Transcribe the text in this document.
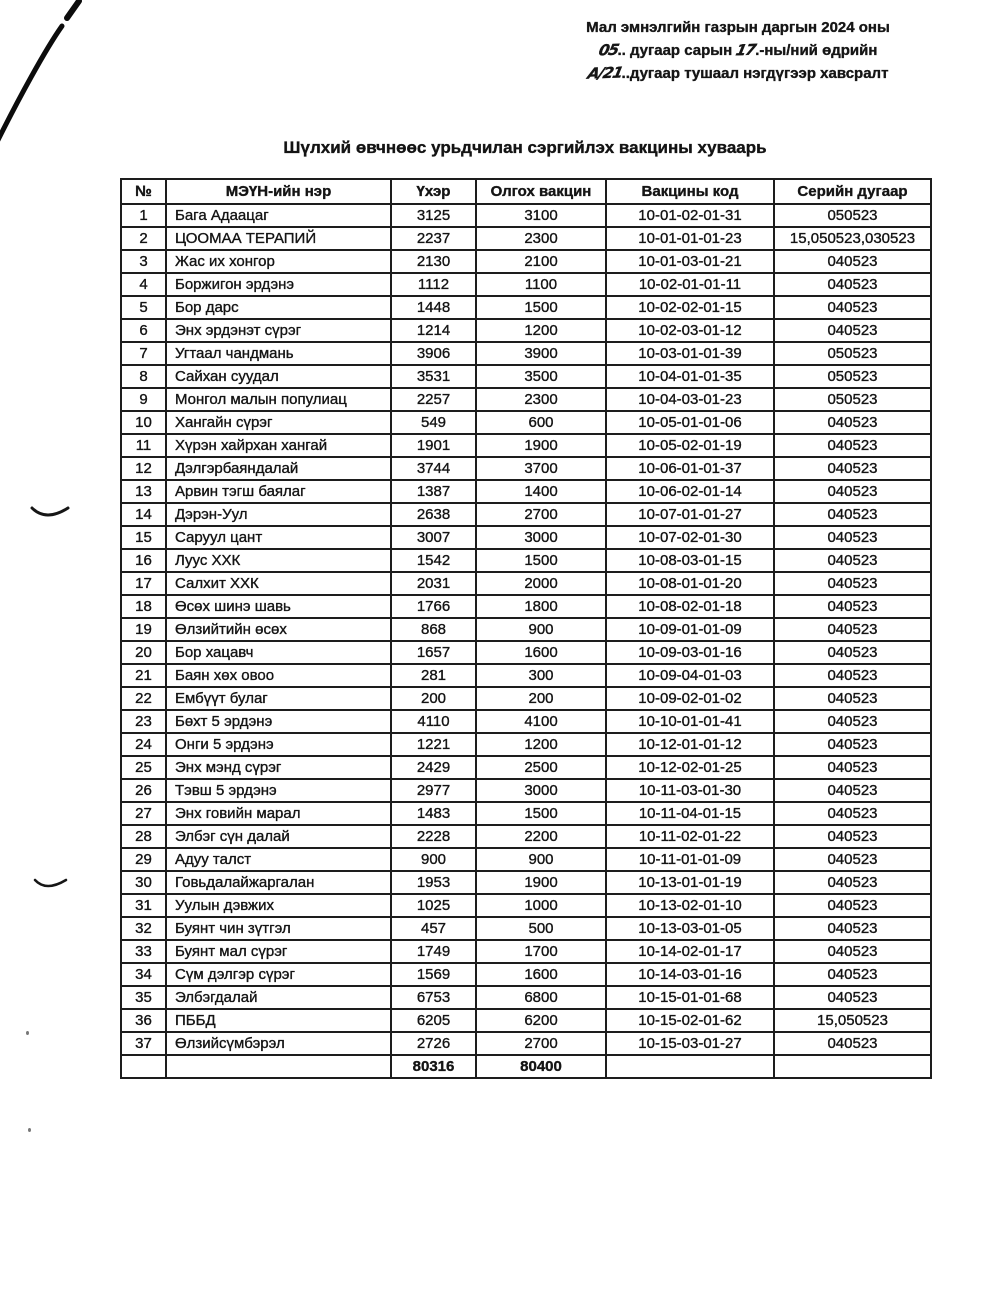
Мал эмнэлгийн газрын даргын 2024 оны
05.. дугаар сарын 17.-ны/ний өдрийн
А/21..дугаар тушаал нэгдүгээр хавсралт
Шүлхий өвчнөөс урьдчилан сэргийлэх вакцины хуваарь
№	МЭҮН-ийн нэр	Үхэр	Олгох вакцин	Вакцины код	Серийн дугаар
1	Бага Адаацаг	3125	3100	10-01-02-01-31	050523
2	ЦООМАА ТЕРАПИЙ	2237	2300	10-01-01-01-23	15,050523,030523
3	Жас их хонгор	2130	2100	10-01-03-01-21	040523
4	Боржигон эрдэнэ	1112	1100	10-02-01-01-11	040523
5	Бор дарс	1448	1500	10-02-02-01-15	040523
6	Энх эрдэнэт сүрэг	1214	1200	10-02-03-01-12	040523
7	Угтаал чандмань	3906	3900	10-03-01-01-39	050523
8	Сайхан суудал	3531	3500	10-04-01-01-35	050523
9	Монгол малын популиац	2257	2300	10-04-03-01-23	050523
10	Хангайн сүрэг	549	600	10-05-01-01-06	040523
11	Хүрэн хайрхан хангай	1901	1900	10-05-02-01-19	040523
12	Дэлгэрбаяндалай	3744	3700	10-06-01-01-37	040523
13	Арвин тэгш баялаг	1387	1400	10-06-02-01-14	040523
14	Дэрэн-Уул	2638	2700	10-07-01-01-27	040523
15	Саруул цант	3007	3000	10-07-02-01-30	040523
16	Луус ХХК	1542	1500	10-08-03-01-15	040523
17	Салхит ХХК	2031	2000	10-08-01-01-20	040523
18	Өсөх шинэ шавь	1766	1800	10-08-02-01-18	040523
19	Өлзийтийн өсөх	868	900	10-09-01-01-09	040523
20	Бор хацавч	1657	1600	10-09-03-01-16	040523
21	Баян хөх овоо	281	300	10-09-04-01-03	040523
22	Ембүүт булаг	200	200	10-09-02-01-02	040523
23	Бөхт 5 эрдэнэ	4110	4100	10-10-01-01-41	040523
24	Онги 5 эрдэнэ	1221	1200	10-12-01-01-12	040523
25	Энх мэнд сүрэг	2429	2500	10-12-02-01-25	040523
26	Тэвш 5 эрдэнэ	2977	3000	10-11-03-01-30	040523
27	Энх говийн марал	1483	1500	10-11-04-01-15	040523
28	Элбэг сүн далай	2228	2200	10-11-02-01-22	040523
29	Адуу талст	900	900	10-11-01-01-09	040523
30	Говьдалайжаргалан	1953	1900	10-13-01-01-19	040523
31	Уулын дэвжих	1025	1000	10-13-02-01-10	040523
32	Буянт чин зүтгэл	457	500	10-13-03-01-05	040523
33	Буянт мал сүрэг	1749	1700	10-14-02-01-17	040523
34	Сүм дэлгэр сүрэг	1569	1600	10-14-03-01-16	040523
35	Элбэгдалай	6753	6800	10-15-01-01-68	040523
36	ПББД	6205	6200	10-15-02-01-62	15,050523
37	Өлзийсүмбэрэл	2726	2700	10-15-03-01-27	040523
		80316	80400		
